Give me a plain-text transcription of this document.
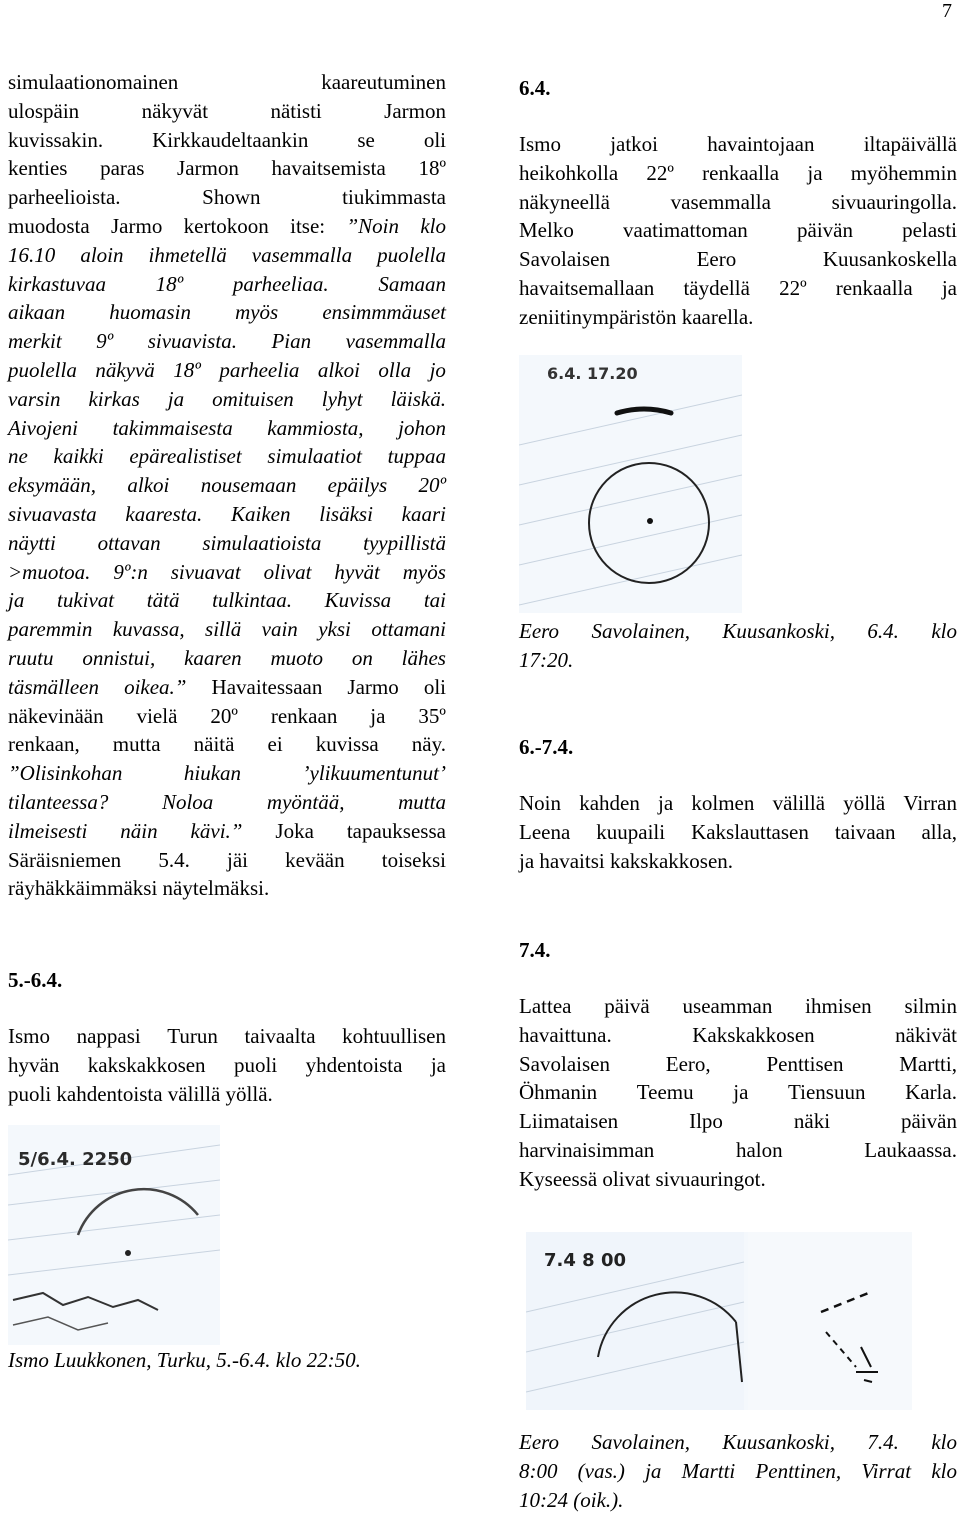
7
simulaationomainen	kaareutuminen
ulospäin	näkyvät	nätisti	Jarmon
kuvissakin. Kirkkaudeltaankin se oli
kenties paras Jarmon havaitsemista 18º
parheelioista.	Shown	tiukimmasta
muodosta Jarmo kertokoon itse: ”Noin klo
16.10 aloin ihmetellä vasemmalla puolella
kirkastuvaa 18º parheeliaa. Samaan
aikaan huomasin myös ensimmmäuset
merkit 9º sivuavista. Pian vasemmalla
puolella näkyvä 18º parheelia alkoi olla jo
varsin kirkas ja omituisen lyhyt läiskä.
Aivojeni takimmaisesta kammiosta, johon
ne kaikki epärealistiset simulaatiot tuppaa
eksymään, alkoi nousemaan epäilys 20º
sivuavasta kaaresta. Kaiken lisäksi kaari
näytti ottavan simulaatioista tyypillistä
>muotoa. 9º:n sivuavat olivat hyvät myös
ja tukivat tätä tulkintaa. Kuvissa tai
paremmin kuvassa, sillä vain yksi ottamani
ruutu onnistui, kaaren muoto on lähes
täsmälleen oikea.” Havaitessaan Jarmo oli
näkevinään vielä 20º renkaan ja 35º
renkaan, mutta näitä ei kuvissa näy.
”Olisinkohan	hiukan	’ylikuumentunut’
tilanteessa?	Noloa	myöntää,	mutta
ilmeisesti näin kävi.” Joka tapauksessa
Säräisniemen 5.4. jäi kevään toiseksi
räyhäkkäimmäksi näytelmäksi.
5.-6.4.
Ismo nappasi Turun taivaalta kohtuullisen
hyvän kakskakkosen puoli yhdentoista ja
puoli kahdentoista välillä yöllä.
5/6.4. 2250
Ismo Luukkonen, Turku, 5.-6.4. klo 22:50.
6.4.
Ismo jatkoi havaintojaan iltapäivällä
heikohkolla 22º renkaalla ja myöhemmin
näkyneellä	vasemmalla	sivuauringolla.
Melko vaatimattoman päivän pelasti
Savolaisen	Eero	Kuusankoskella
havaitsemallaan täydellä 22º renkaalla ja
zeniitinympäristön kaarella.
6.4. 17.20
Eero Savolainen, Kuusankoski, 6.4. klo
17:20.
6.-7.4.
Noin kahden ja kolmen välillä yöllä Virran
Leena kuupaili Kakslauttasen taivaan alla,
ja havaitsi kakskakkosen.
7.4.
Lattea päivä useamman ihmisen silmin
havaittuna.	Kakskakkosen	näkivät
Savolaisen	Eero,	Penttisen	Martti,
Öhmanin Teemu ja Tiensuun Karla.
Liimataisen	Ilpo	näki	päivän
harvinaisimman	halon	Laukaassa.
Kyseessä olivat sivuauringot.
7.4 8 00
Eero Savolainen, Kuusankoski, 7.4. klo
8:00 (vas.) ja Martti Penttinen, Virrat klo
10:24 (oik.).
